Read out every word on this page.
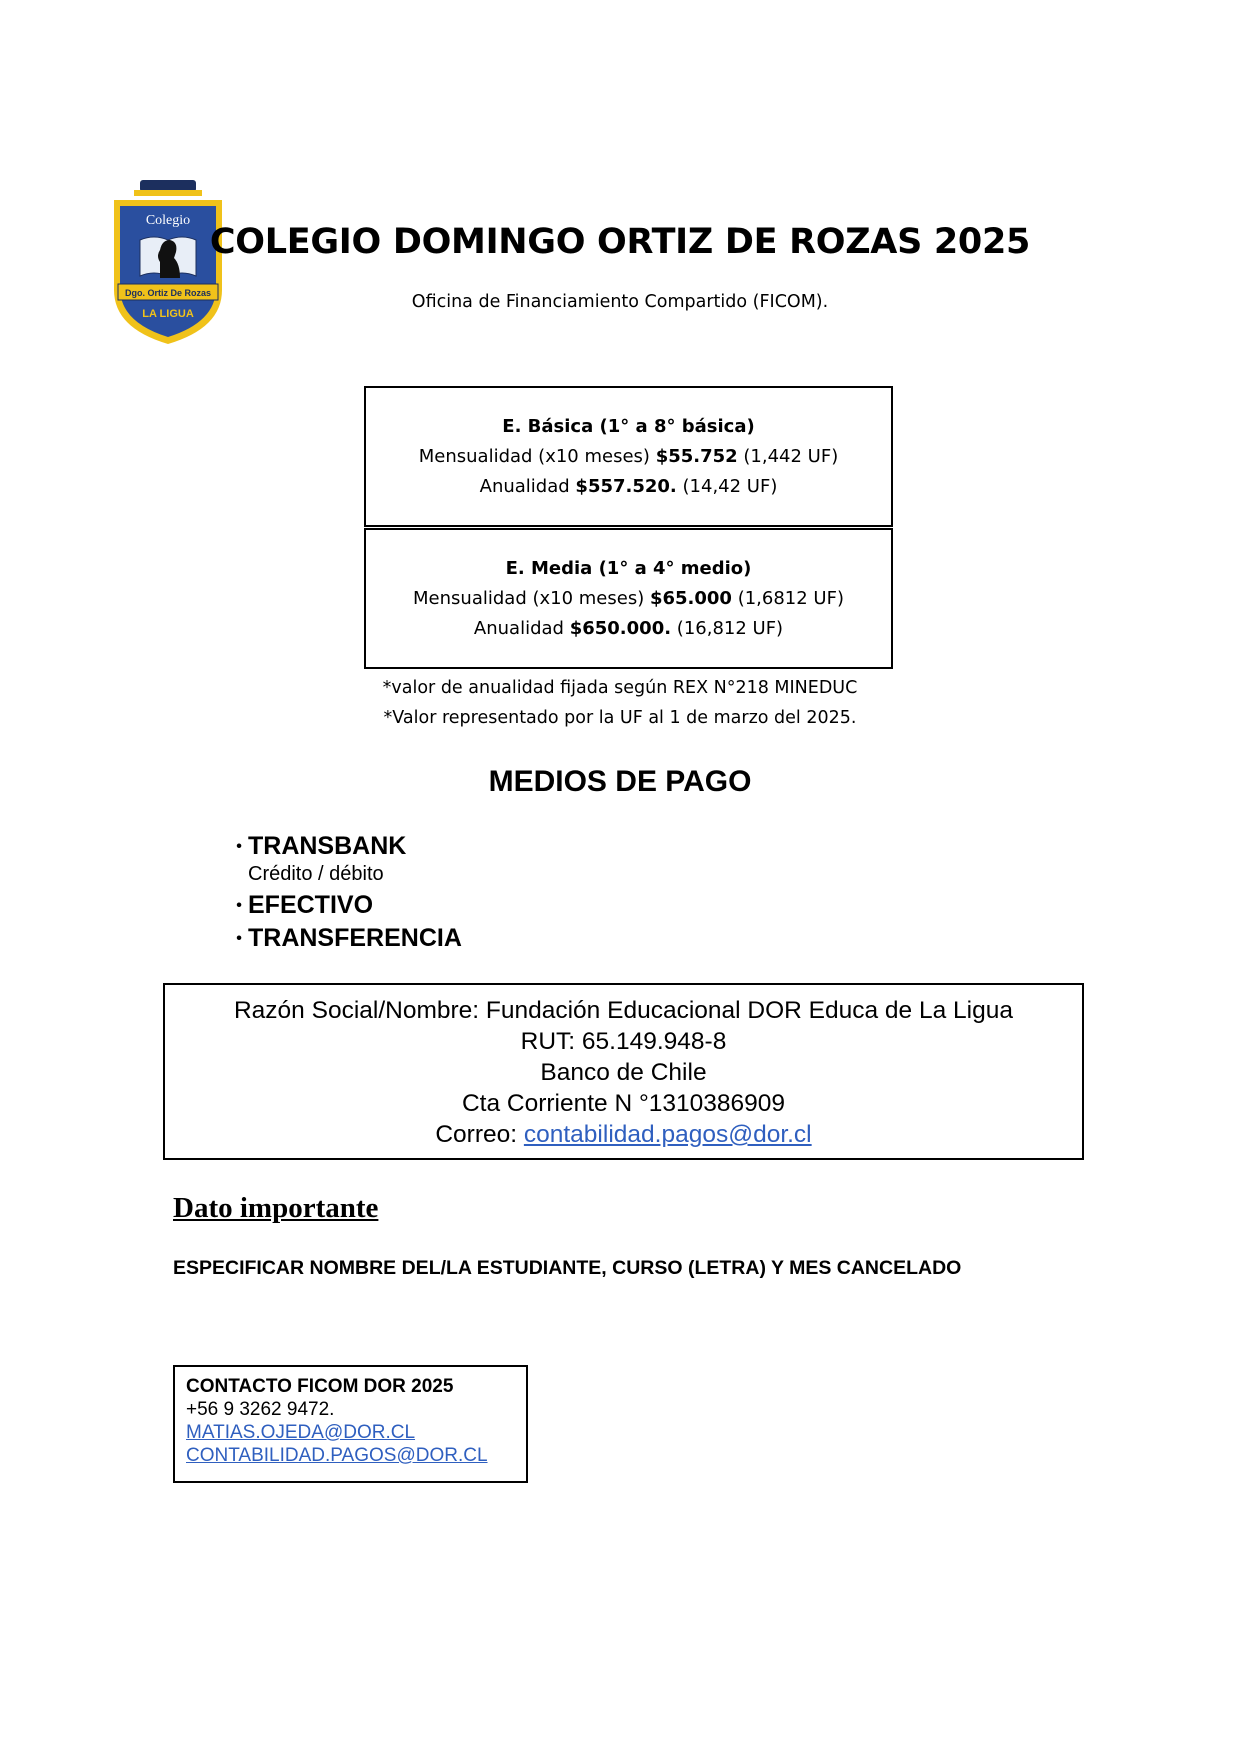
Colegio
Dgo. Ortiz De Rozas
LA LIGUA
COLEGIO DOMINGO ORTIZ DE ROZAS 2025
Oficina de Financiamiento Compartido (FICOM).
E. Básica (1° a 8° básica)
Mensualidad (x10 meses) $55.752 (1,442 UF)
Anualidad $557.520. (14,42 UF)
E. Media (1° a 4° medio)
Mensualidad (x10 meses) $65.000 (1,6812 UF)
Anualidad $650.000. (16,812 UF)
*valor de anualidad fijada según REX N°218 MINEDUC
*Valor representado por la UF al 1 de marzo del 2025.
MEDIOS DE PAGO
• TRANSBANK
Crédito / débito
• EFECTIVO
• TRANSFERENCIA
Razón Social/Nombre: Fundación Educacional DOR Educa de La Ligua
RUT: 65.149.948-8
Banco de Chile
Cta Corriente N °1310386909
Correo: contabilidad.pagos@dor.cl
Dato importante
ESPECIFICAR NOMBRE DEL/LA ESTUDIANTE, CURSO (LETRA) Y MES CANCELADO
CONTACTO FICOM DOR 2025
+56 9 3262 9472.
MATIAS.OJEDA@DOR.CL
CONTABILIDAD.PAGOS@DOR.CL
